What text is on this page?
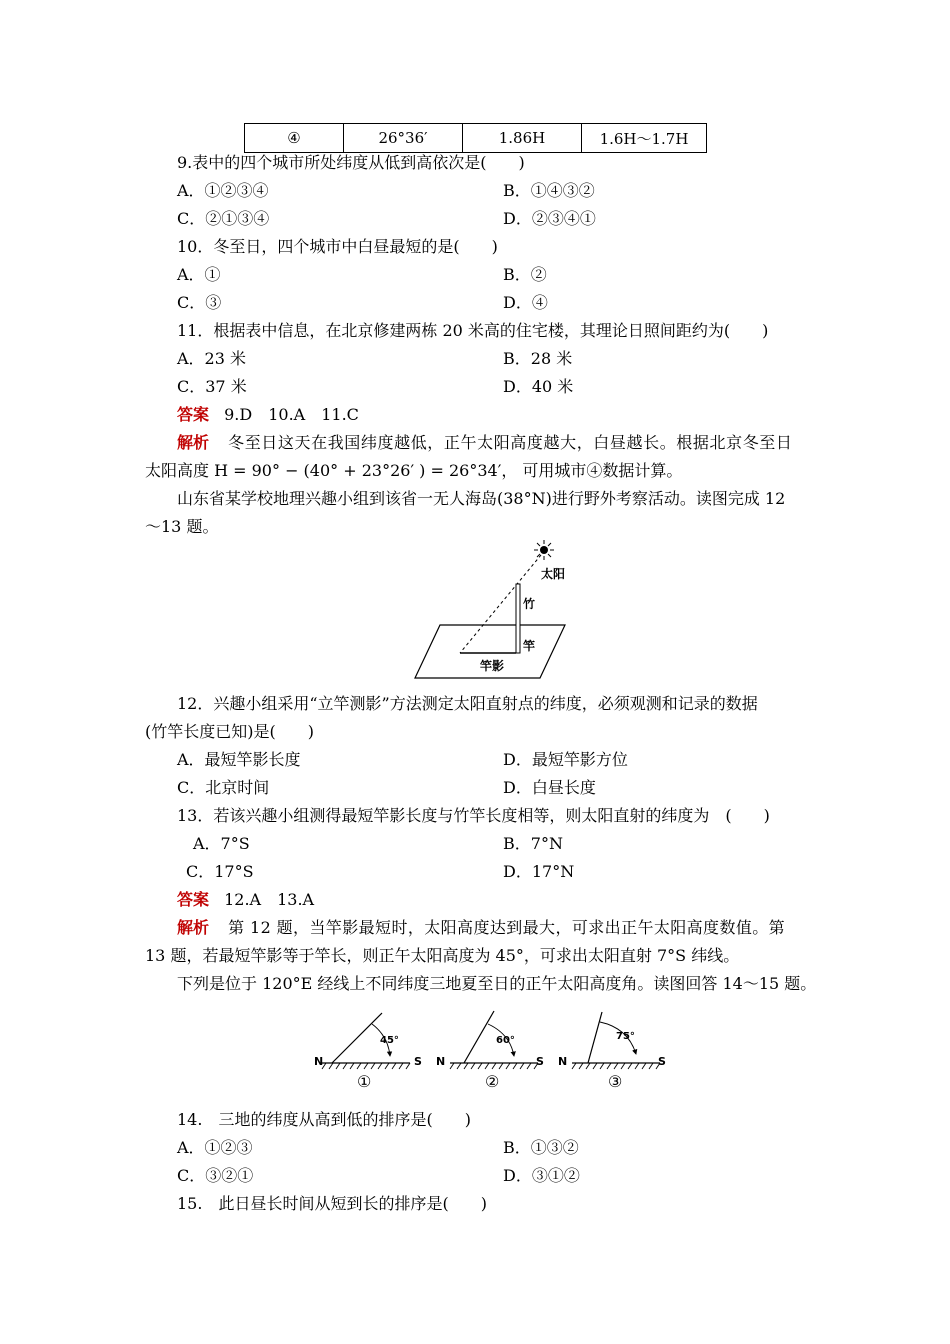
④	26°36′	1.86H	1.6H～1.7H
9.表中的四个城市所处纬度从低到高依次是(　　)
A．①②③④	B．①④③②
C．②①③④	D．②③④①
10．冬至日，四个城市中白昼最短的是(　　)
A．①	B．②
C．③	D．④
11．根据表中信息，在北京修建两栋 20 米高的住宅楼，其理论日照间距约为(　　)
A．23 米	B．28 米
C．37 米	D．40 米
答案 9.D　10.A　11.C
解析 冬至日这天在我国纬度越低，正午太阳高度越大，白昼越长。根据北京冬至日
太阳高度 H = 90° − (40° + 23°26′ ) = 26°34′， 可用城市④数据计算。
山东省某学校地理兴趣小组到该省一无人海岛(38°N)进行野外考察活动。读图完成 12
～13 题。
太阳
竹
竿
竿影
12．兴趣小组采用“立竿测影”方法测定太阳直射点的纬度，必须观测和记录的数据
(竹竿长度已知)是(　　)
A．最短竿影长度	D．最短竿影方位
C．北京时间	D．白昼长度
13．若该兴趣小组测得最短竿影长度与竹竿长度相等，则太阳直射的纬度为　(　　)
A．7°S	B．7°N
C．17°S	D．17°N
答案 12.A　13.A
解析 第 12 题，当竿影最短时，太阳高度达到最大，可求出正午太阳高度数值。第
13 题，若最短竿影等于竿长，则正午太阳高度为 45°，可求出太阳直射 7°S 纬线。
下列是位于 120°E 经线上不同纬度三地夏至日的正午太阳高度角。读图回答 14～15 题。
N	S N	S N	S
45°	60°	75°
①	②	③
14.　三地的纬度从高到低的排序是(　　)
A．①②③	B．①③②
C．③②①	D．③①②
15.　此日昼长时间从短到长的排序是(　　)
